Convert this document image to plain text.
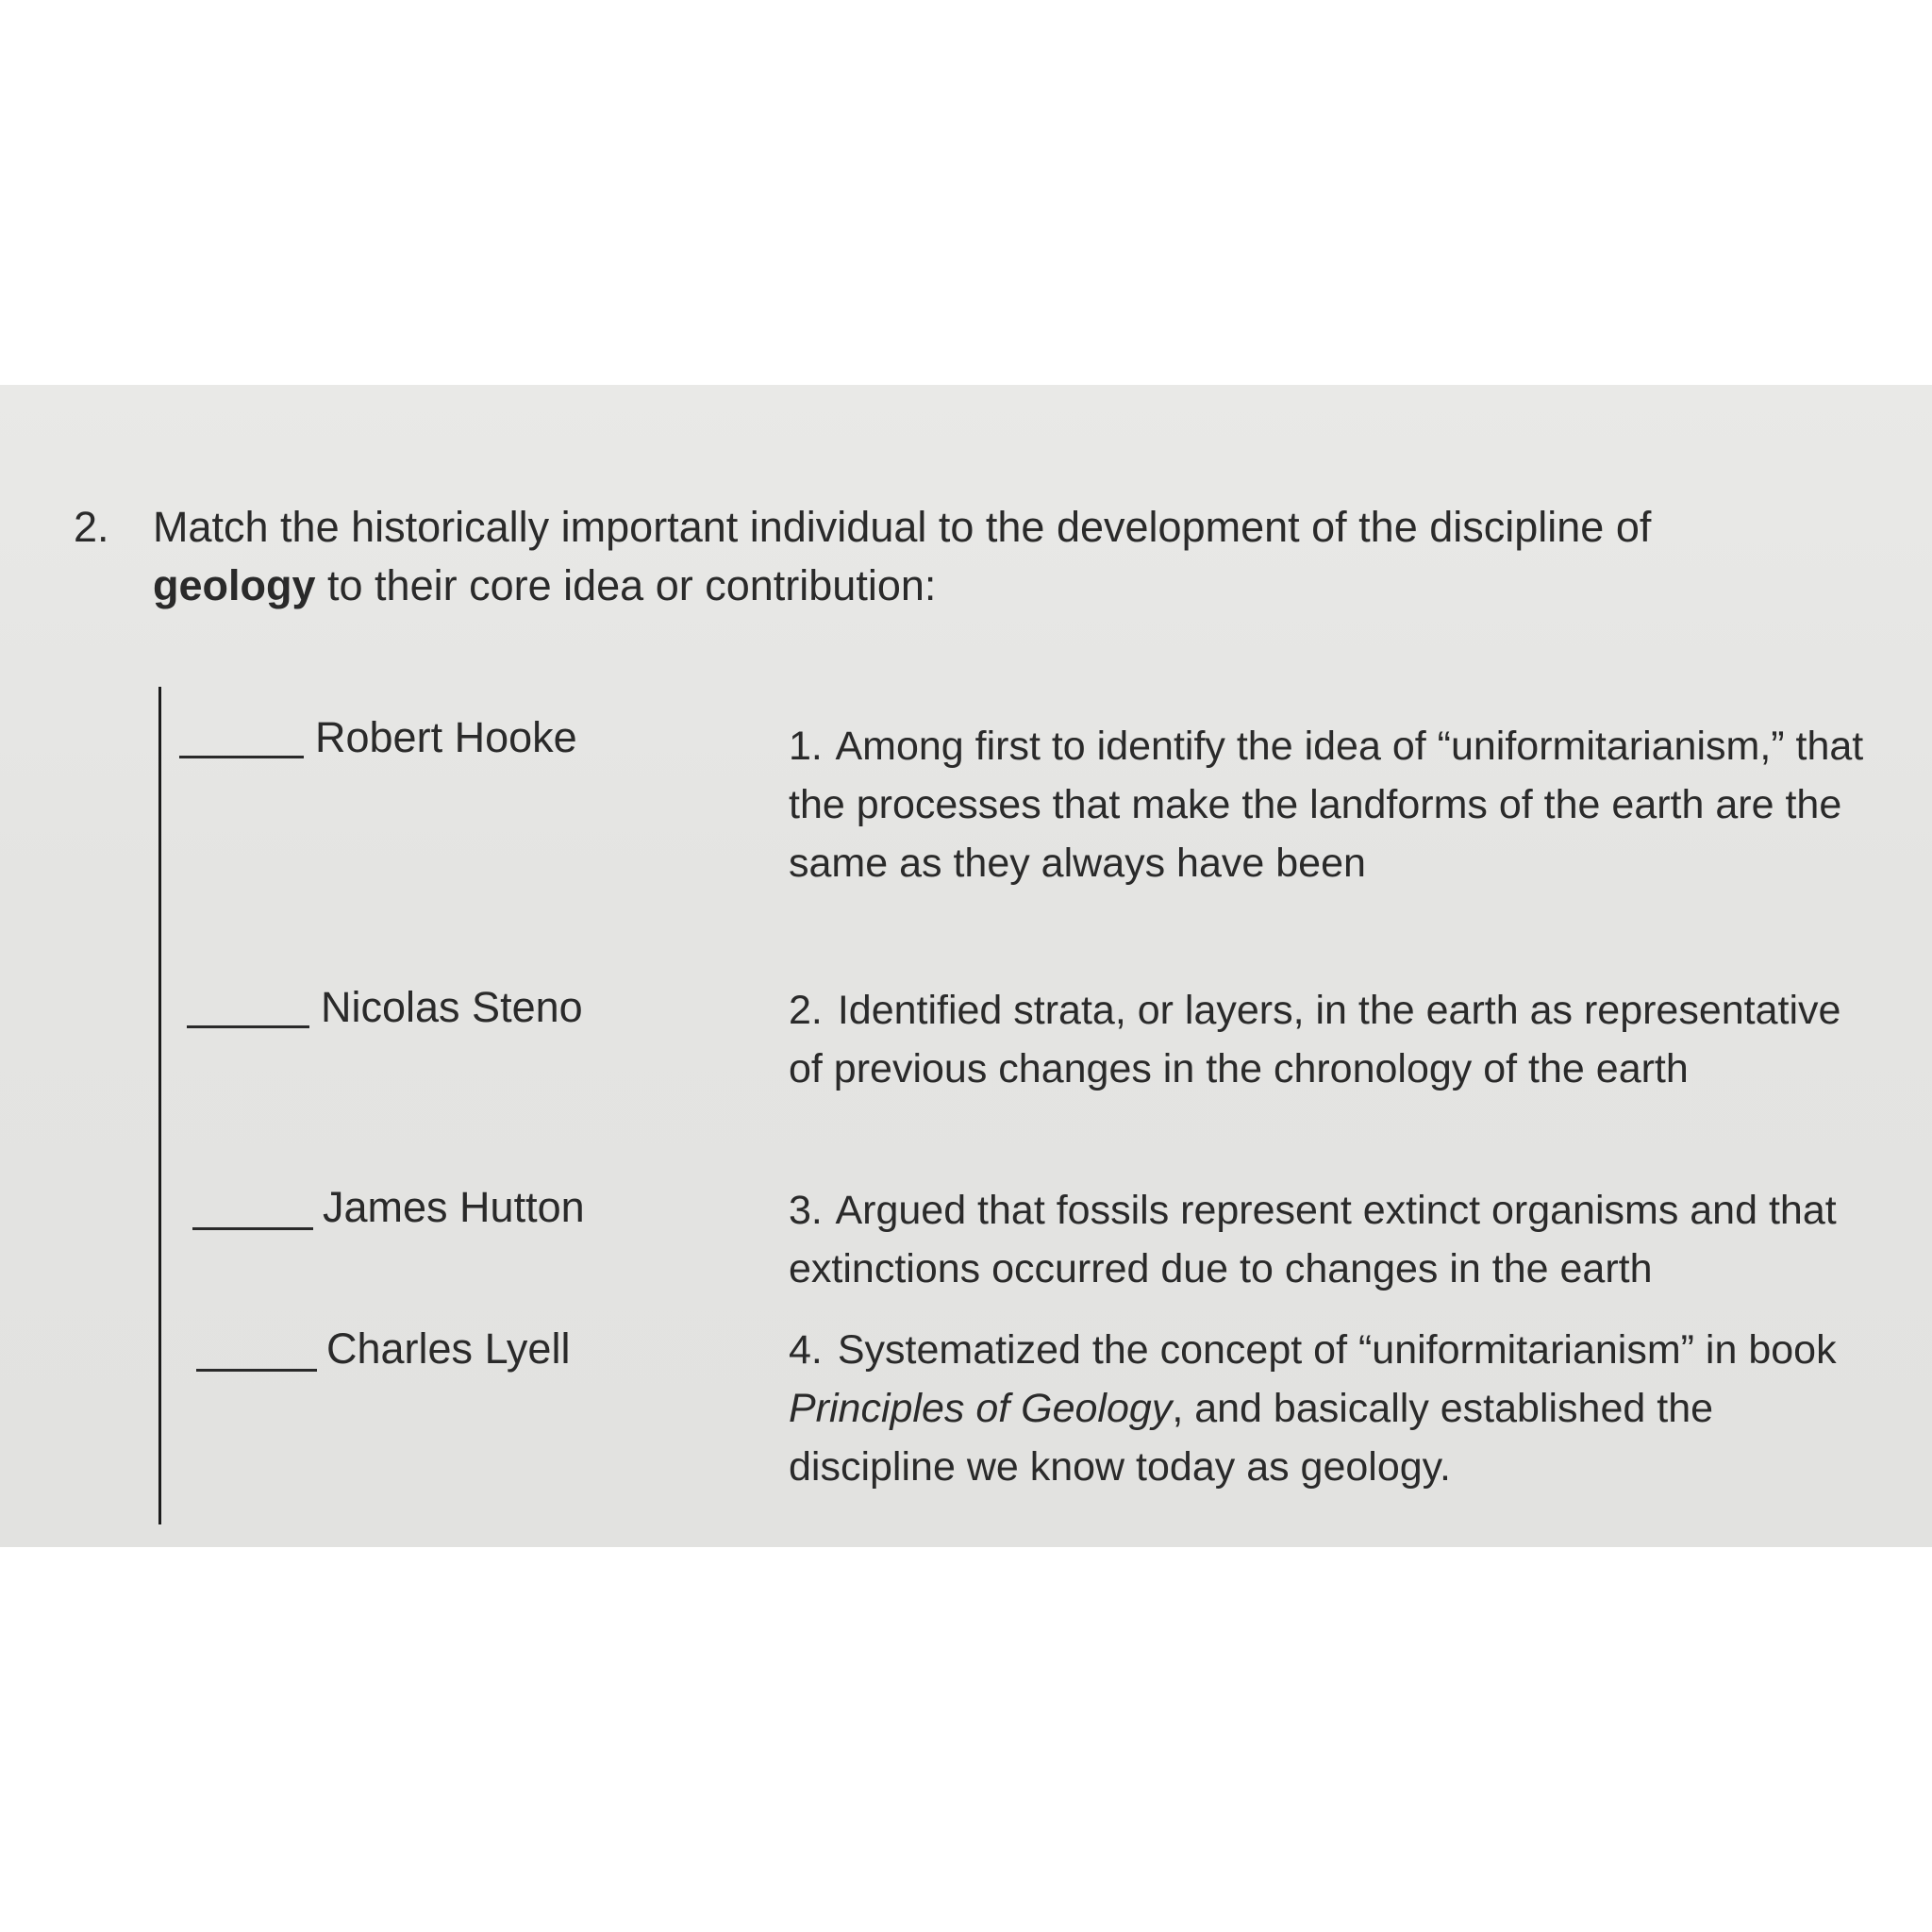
2. Match the historically important individual to the development of the discipline of geology to their core idea or contribution:
Robert Hooke	1. Among first to identify the idea of “uniformitarianism,” that the processes that make the landforms of the earth are the same as they always have been
Nicolas Steno	2. Identified strata, or layers, in the earth as representative of previous changes in the chronology of the earth
James Hutton	3. Argued that fossils represent extinct organisms and that extinctions occurred due to changes in the earth
Charles Lyell	4. Systematized the concept of “uniformitarianism” in book Principles of Geology, and basically established the discipline we know today as geology.
